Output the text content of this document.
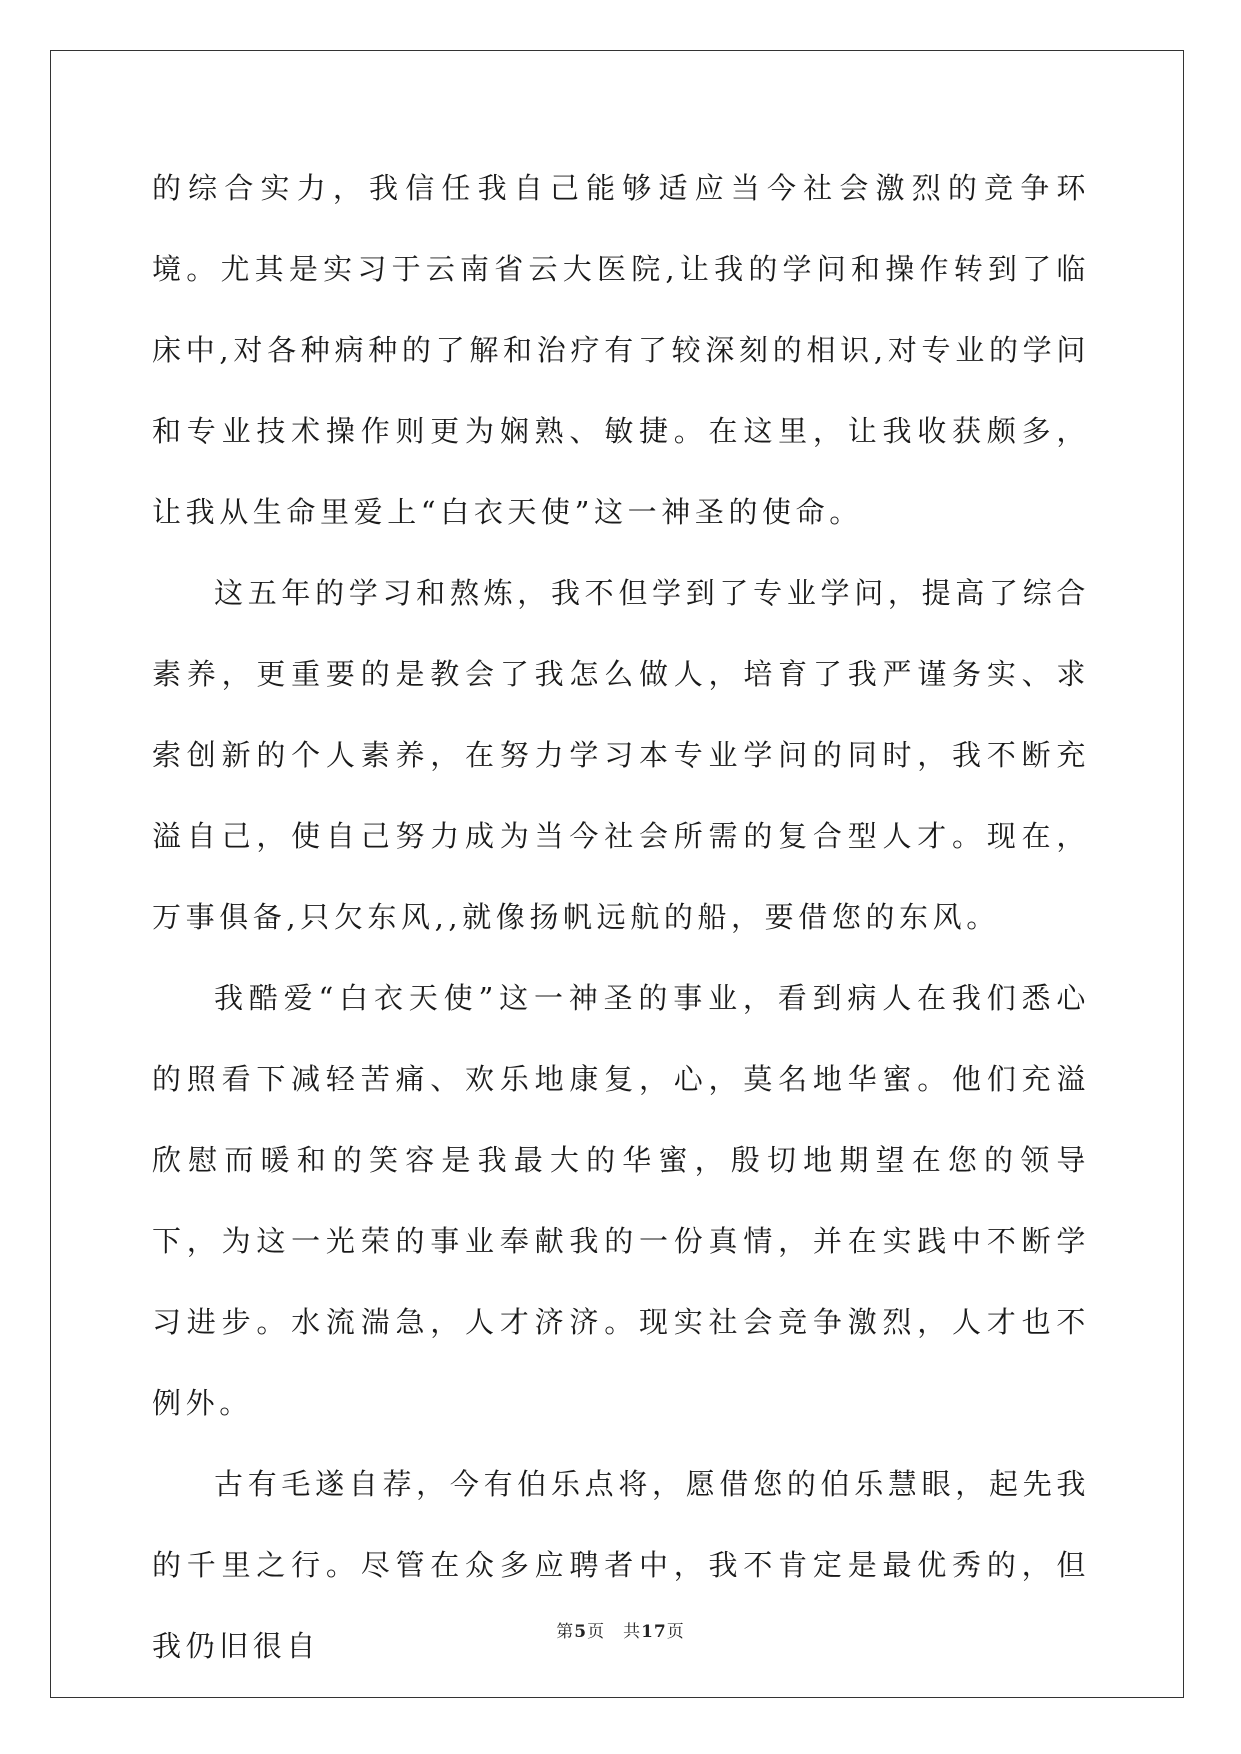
的综合实力，我信任我自己能够适应当今社会激烈的竞争环境。尤其是实习于云南省云大医院,让我的学问和操作转到了临床中,对各种病种的了解和治疗有了较深刻的相识,对专业的学问和专业技术操作则更为娴熟、敏捷。在这里，让我收获颇多，让我从生命里爱上“白衣天使”这一神圣的使命。

这五年的学习和熬炼，我不但学到了专业学问，提高了综合素养，更重要的是教会了我怎么做人，培育了我严谨务实、求索创新的个人素养，在努力学习本专业学问的同时，我不断充溢自己，使自己努力成为当今社会所需的复合型人才。现在，万事俱备,只欠东风,,就像扬帆远航的船，要借您的东风。

我酷爱“白衣天使”这一神圣的事业，看到病人在我们悉心的照看下减轻苦痛、欢乐地康复，心，莫名地华蜜。他们充溢欣慰而暖和的笑容是我最大的华蜜，殷切地期望在您的领导下，为这一光荣的事业奉献我的一份真情，并在实践中不断学习进步。水流湍急，人才济济。现实社会竞争激烈，人才也不例外。

古有毛遂自荐，今有伯乐点将，愿借您的伯乐慧眼，起先我的千里之行。尽管在众多应聘者中，我不肯定是最优秀的，但我仍旧很自	第5页 共17页
